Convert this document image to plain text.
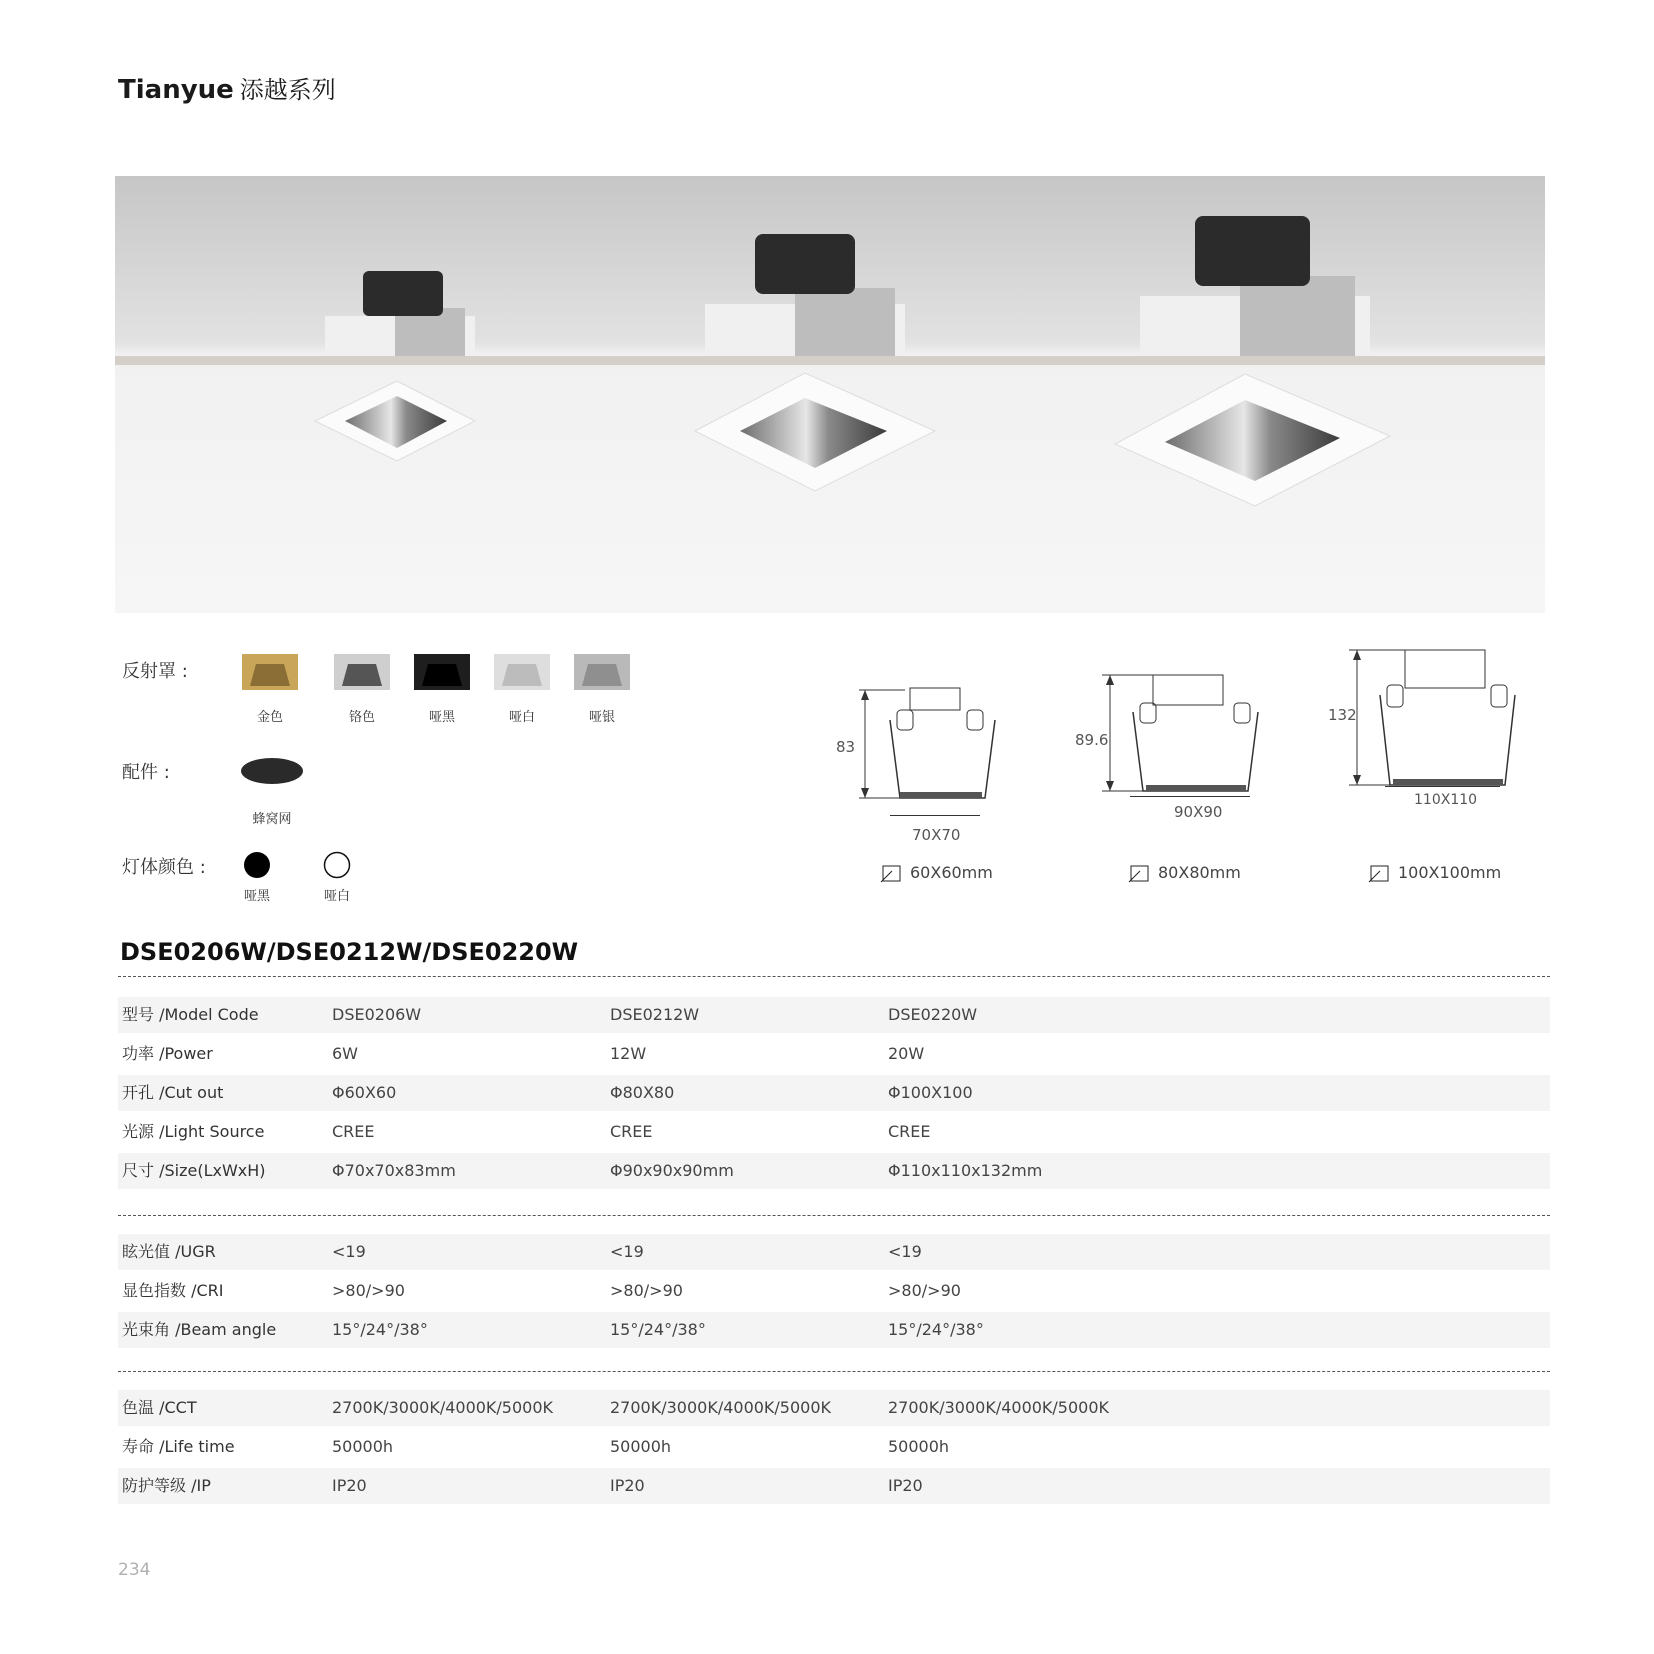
Tianyue 添越系列
反射罩 :
金色	铬色	哑黑	哑白	哑银
配件 :
蜂窝网
灯体颜色 :
哑黑	哑白
83
70X70
60X60mm
89.6
90X90
80X80mm
132
110X110
100X100mm
DSE0206W/DSE0212W/DSE0220W
型号 /Model Code	DSE0206W	DSE0212W	DSE0220W
功率 /Power	6W	12W	20W
开孔 /Cut out	Φ60X60	Φ80X80	Φ100X100
光源 /Light Source	CREE	CREE	CREE
尺寸 /Size(LxWxH)	Φ70x70x83mm	Φ90x90x90mm	Φ110x110x132mm
眩光值 /UGR	<19	<19	<19
显色指数 /CRI	>80/>90	>80/>90	>80/>90
光束角 /Beam angle	15°/24°/38°	15°/24°/38°	15°/24°/38°
色温 /CCT	2700K/3000K/4000K/5000K	2700K/3000K/4000K/5000K	2700K/3000K/4000K/5000K
寿命 /Life time	50000h	50000h	50000h
防护等级 /IP	IP20	IP20	IP20
234
